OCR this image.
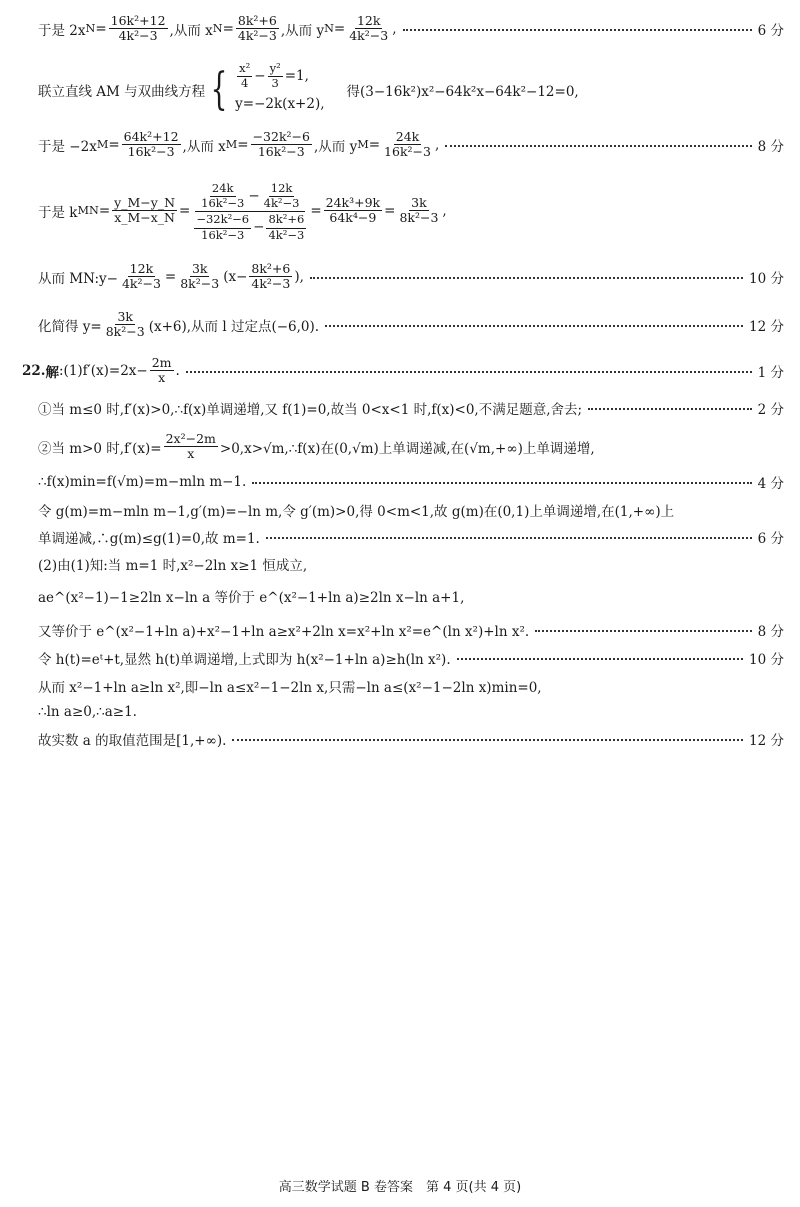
于是 2x $N = \frac{\text{16k²+12}}{\text{4k²−3}}$ ,从而 x $N = \frac{\text{8k²+6}}{\text{4k²−3}}$ ,从而 y $N = \frac{12k}{\text{4k²−3}}$ ,	6 分
联立直线 AM 与双曲线方程 { $\frac{\text{x²}}{4} - \frac{\text{y²}}{3} =1$,
y=−2k(x+2),
得(3−16k²)x²−64k²x−64k²−12=0,
于是 −2x $M = \frac{\text{64k²+12}}{\text{16k²−3}}$ ,从而 x $M = \frac{\text{−32k²−6}}{\text{16k²−3}}$ ,从而 y $M = \frac{24k}{\text{16k²−3}}$ ,	8 分
于是 k MN = $\frac{y\_M-y\_N}{x\_M-x\_N} = \frac{\frac{24k}{\text{16k²−3}} - \frac{12k}{\text{4k²−3}}}{\frac{\text{−32k²−6}}{\text{16k²−3}} - \frac{\text{8k²+6}}{\text{4k²−3}}} = \frac{\text{24k³+9k}}{\text{64k⁴−9}} = \frac{3k}{\text{8k²−3}}$ ,
从而 MN:y− $\frac{12k}{\text{4k²−3}} = \frac{3k}{\text{8k²−3}} (x- \frac{\text{8k²+6}}{\text{4k²−3}}$ ),	10 分
化简得 $y= \frac{3k}{\text{8k²−3}} (x+6)$,从而 l 过定点(−6,0).	12 分
22. 解 :(1)f′(x)=2x− $\frac{2m}{x}$ .	1 分
①当 m≤0 时,f′(x)>0,∴f(x)单调递增,又 f(1)=0,故当 0<x<1 时,f(x)<0,不满足题意,舍去;	2 分
②当 m>0 时$,f'(x)= \frac{\text{2x²−2m}}{x}$ >0,x>√m,∴f(x)在(0,√m)上单调递减,在(√m,+∞)上单调递增,
∴f(x)min=f(√m)=m−mln m−1.	4 分
令 g(m)=m−mln m−1,g′(m)=−ln m,令 g′(m)>0,得 0<m<1,故 g(m)在(0,1)上单调递增,在(1,+∞)上
单调递减,∴g(m)≤g(1)=0,故 m=1.	6 分
(2)由(1)知:当 m=1 时,x²−2ln x≥1 恒成立,
ae^(x²−1)−1≥2ln x−ln a 等价于 e^(x²−1+ln a)≥2ln x−ln a+1,
又等价于 e^(x²−1+ln a)+x²−1+ln a≥x²+2ln x=x²+ln x²=e^(ln x²)+ln x².	8 分
令 h(t)=eᵗ+t,显然 h(t)单调递增,上式即为 h(x²−1+ln a)≥h(ln x²).	10 分
从而 x²−1+ln a≥ln x²,即−ln a≤x²−1−2ln x,只需−ln a≤(x²−1−2ln x)min=0,
∴ln a≥0,∴a≥1.
故实数 a 的取值范围是[1,+∞).	12 分
高三数学试题 B 卷答案　第 4 页(共 4 页)
